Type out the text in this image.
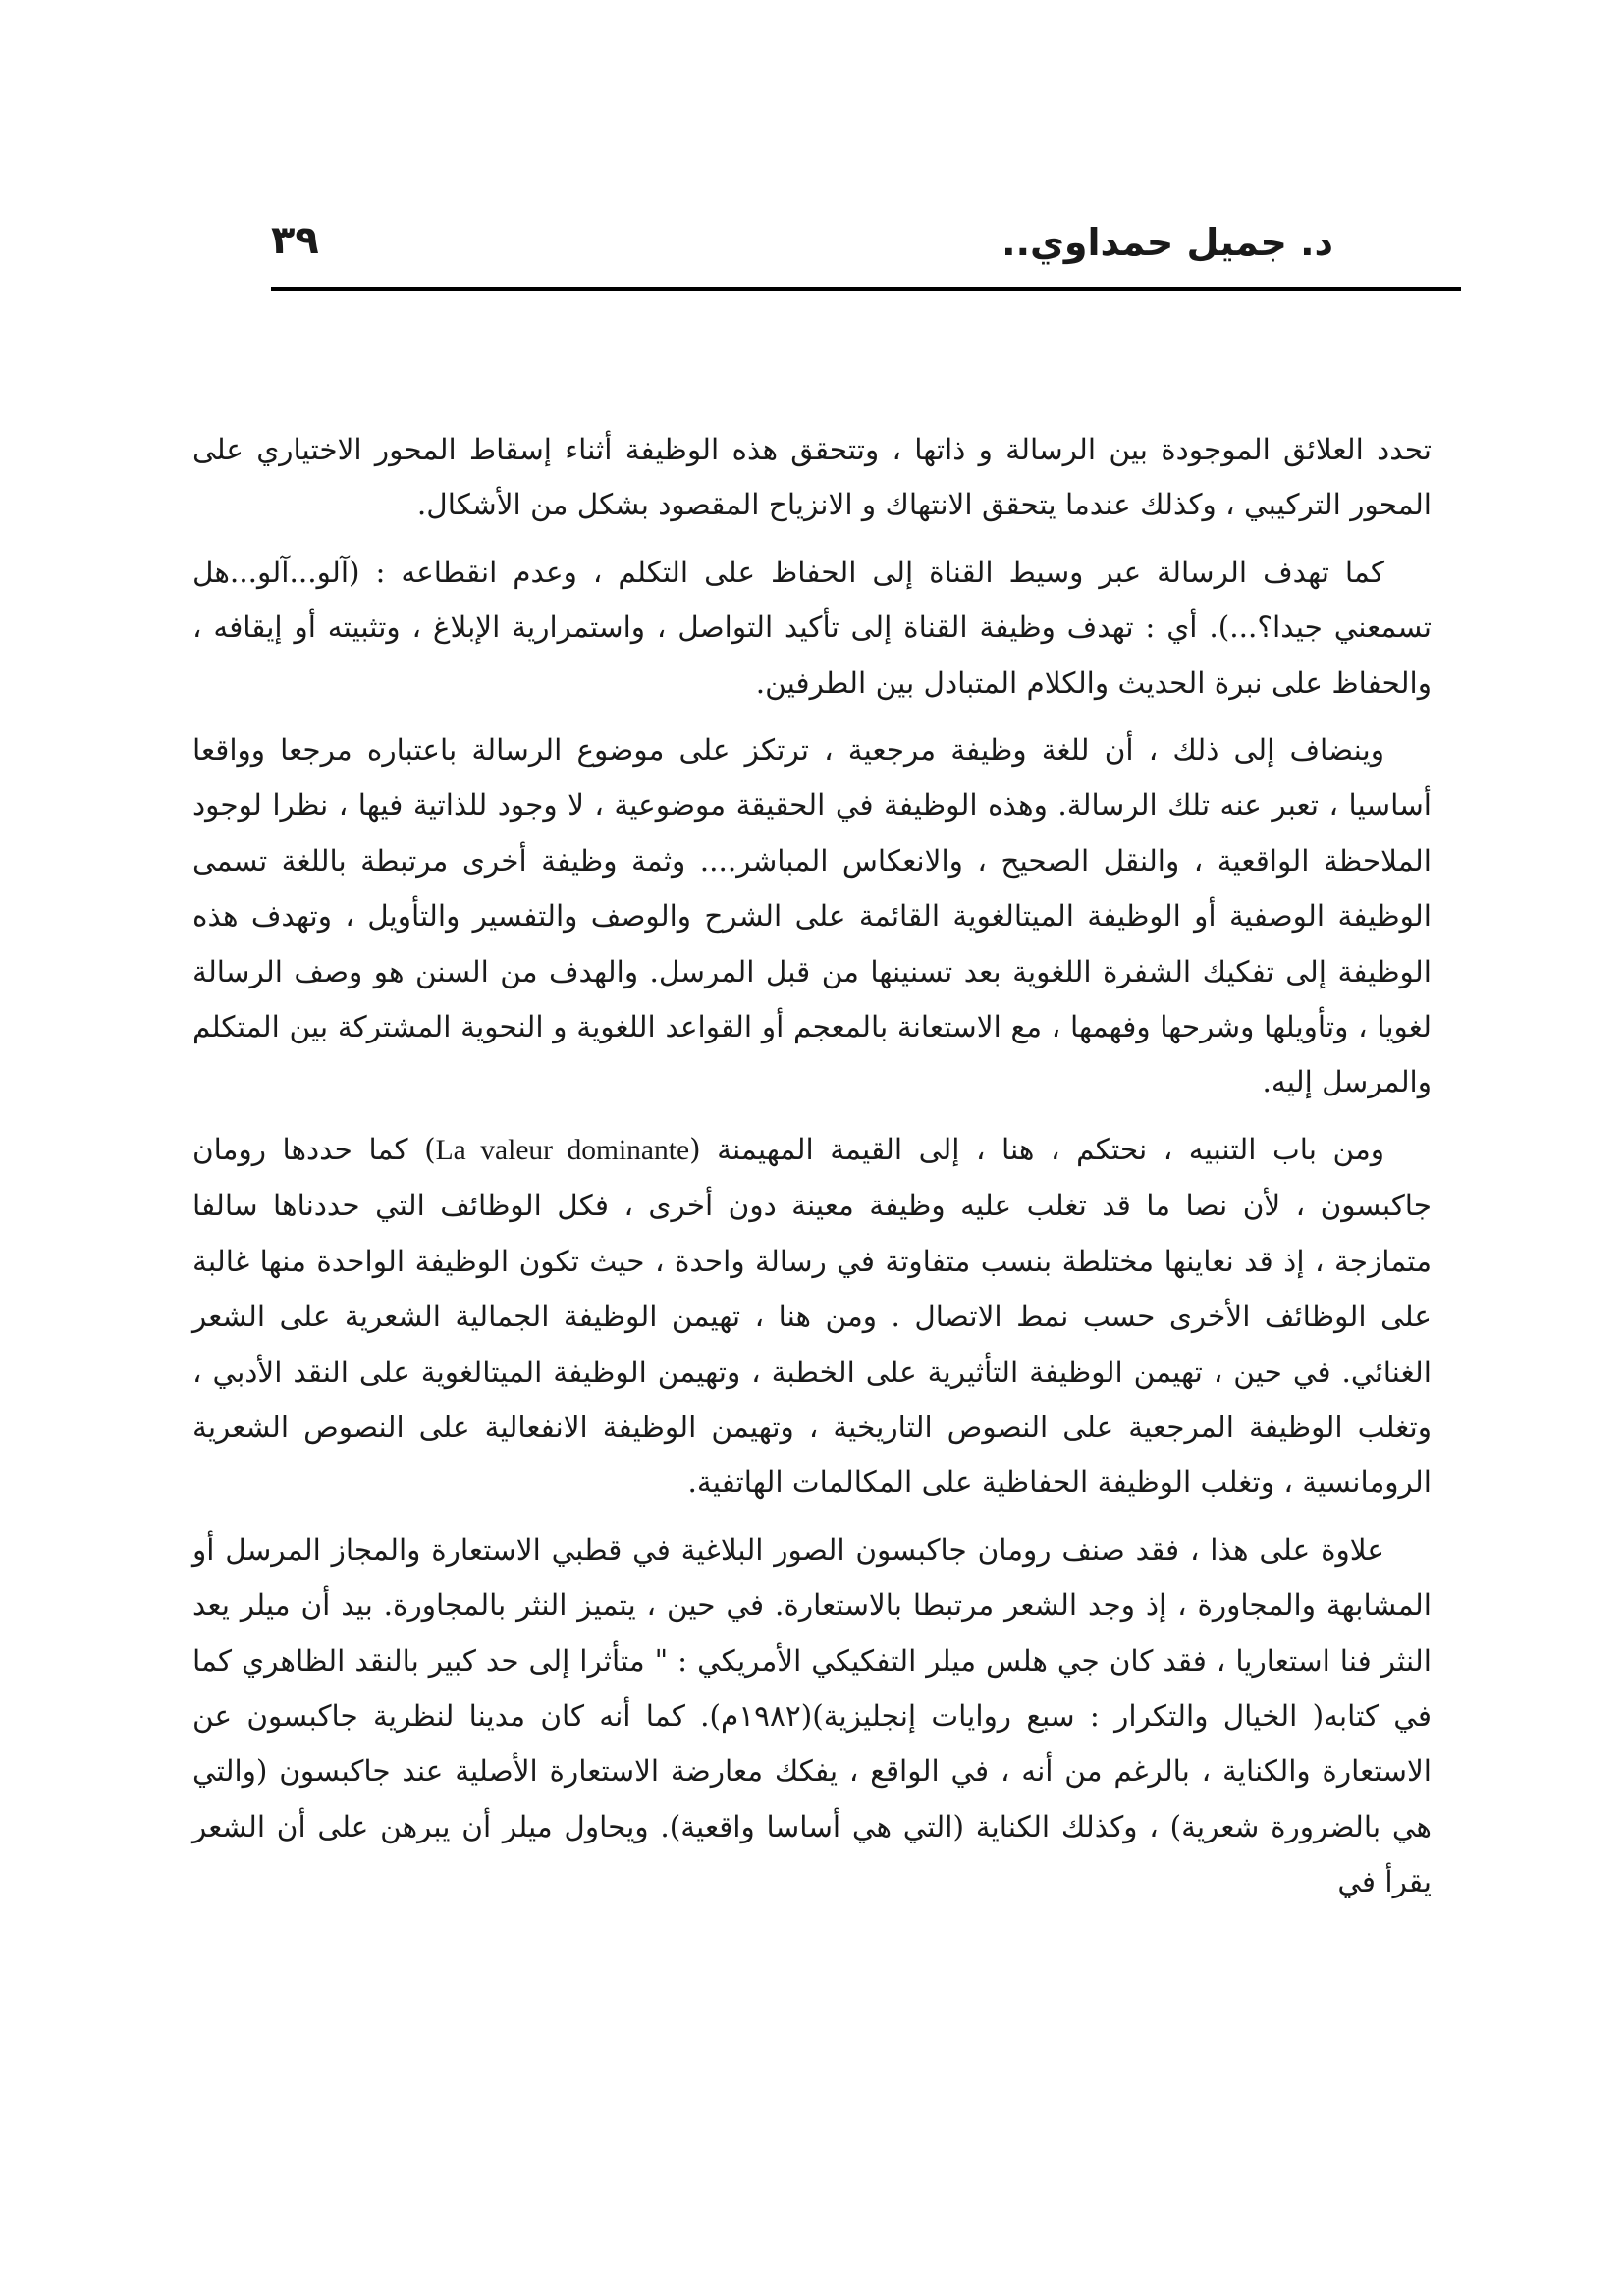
د. جميل حمداوي..
٣٩

تحدد العلائق الموجودة بين الرسالة و ذاتها ، وتتحقق هذه الوظيفة أثناء إسقاط المحور الاختياري على المحور التركيبي ، وكذلك عندما يتحقق الانتهاك و الانزياح المقصود بشكل من الأشكال.

كما تهدف الرسالة عبر وسيط القناة إلى الحفاظ على التكلم ، وعدم انقطاعه : (آلو...آلو...هل تسمعني جيدا؟...). أي : تهدف وظيفة القناة إلى تأكيد التواصل ، واستمرارية الإبلاغ ، وتثبيته أو إيقافه ، والحفاظ على نبرة الحديث والكلام المتبادل بين الطرفين.

وينضاف إلى ذلك ، أن للغة وظيفة مرجعية ، ترتكز على موضوع الرسالة باعتباره مرجعا وواقعا أساسيا ، تعبر عنه تلك الرسالة. وهذه الوظيفة في الحقيقة موضوعية ، لا وجود للذاتية فيها ، نظرا لوجود الملاحظة الواقعية ، والنقل الصحيح ، والانعكاس المباشر.... وثمة وظيفة أخرى مرتبطة باللغة تسمى الوظيفة الوصفية أو الوظيفة الميتالغوية القائمة على الشرح والوصف والتفسير والتأويل ، وتهدف هذه الوظيفة إلى تفكيك الشفرة اللغوية بعد تسنينها من قبل المرسل. والهدف من السنن هو وصف الرسالة لغويا ، وتأويلها وشرحها وفهمها ، مع الاستعانة بالمعجم أو القواعد اللغوية و النحوية المشتركة بين المتكلم والمرسل إليه.

ومن باب التنبيه ، نحتكم ، هنا ، إلى القيمة المهيمنة (La valeur dominante) كما حددها رومان جاكبسون ، لأن نصا ما قد تغلب عليه وظيفة معينة دون أخرى ، فكل الوظائف التي حددناها سالفا متمازجة ، إذ قد نعاينها مختلطة بنسب متفاوتة في رسالة واحدة ، حيث تكون الوظيفة الواحدة منها غالبة على الوظائف الأخرى حسب نمط الاتصال . ومن هنا ، تهيمن الوظيفة الجمالية الشعرية على الشعر الغنائي. في حين ، تهيمن الوظيفة التأثيرية على الخطبة ، وتهيمن الوظيفة الميتالغوية على النقد الأدبي ، وتغلب الوظيفة المرجعية على النصوص التاريخية ، وتهيمن الوظيفة الانفعالية على النصوص الشعرية الرومانسية ، وتغلب الوظيفة الحفاظية على المكالمات الهاتفية.

علاوة على هذا ، فقد صنف رومان جاكبسون الصور البلاغية في قطبي الاستعارة والمجاز المرسل أو المشابهة والمجاورة ، إذ وجد الشعر مرتبطا بالاستعارة. في حين ، يتميز النثر بالمجاورة. بيد أن ميلر يعد النثر فنا استعاريا ، فقد كان جي هلس ميلر التفكيكي الأمريكي : " متأثرا إلى حد كبير بالنقد الظاهري كما في كتابه( الخيال والتكرار : سبع روايات إنجليزية)(١٩٨٢م). كما أنه كان مدينا لنظرية جاكبسون عن الاستعارة والكناية ، بالرغم من أنه ، في الواقع ، يفكك معارضة الاستعارة الأصلية عند جاكبسون (والتي هي بالضرورة شعرية) ، وكذلك الكناية (التي هي أساسا واقعية). ويحاول ميلر أن يبرهن على أن الشعر يقرأ في
